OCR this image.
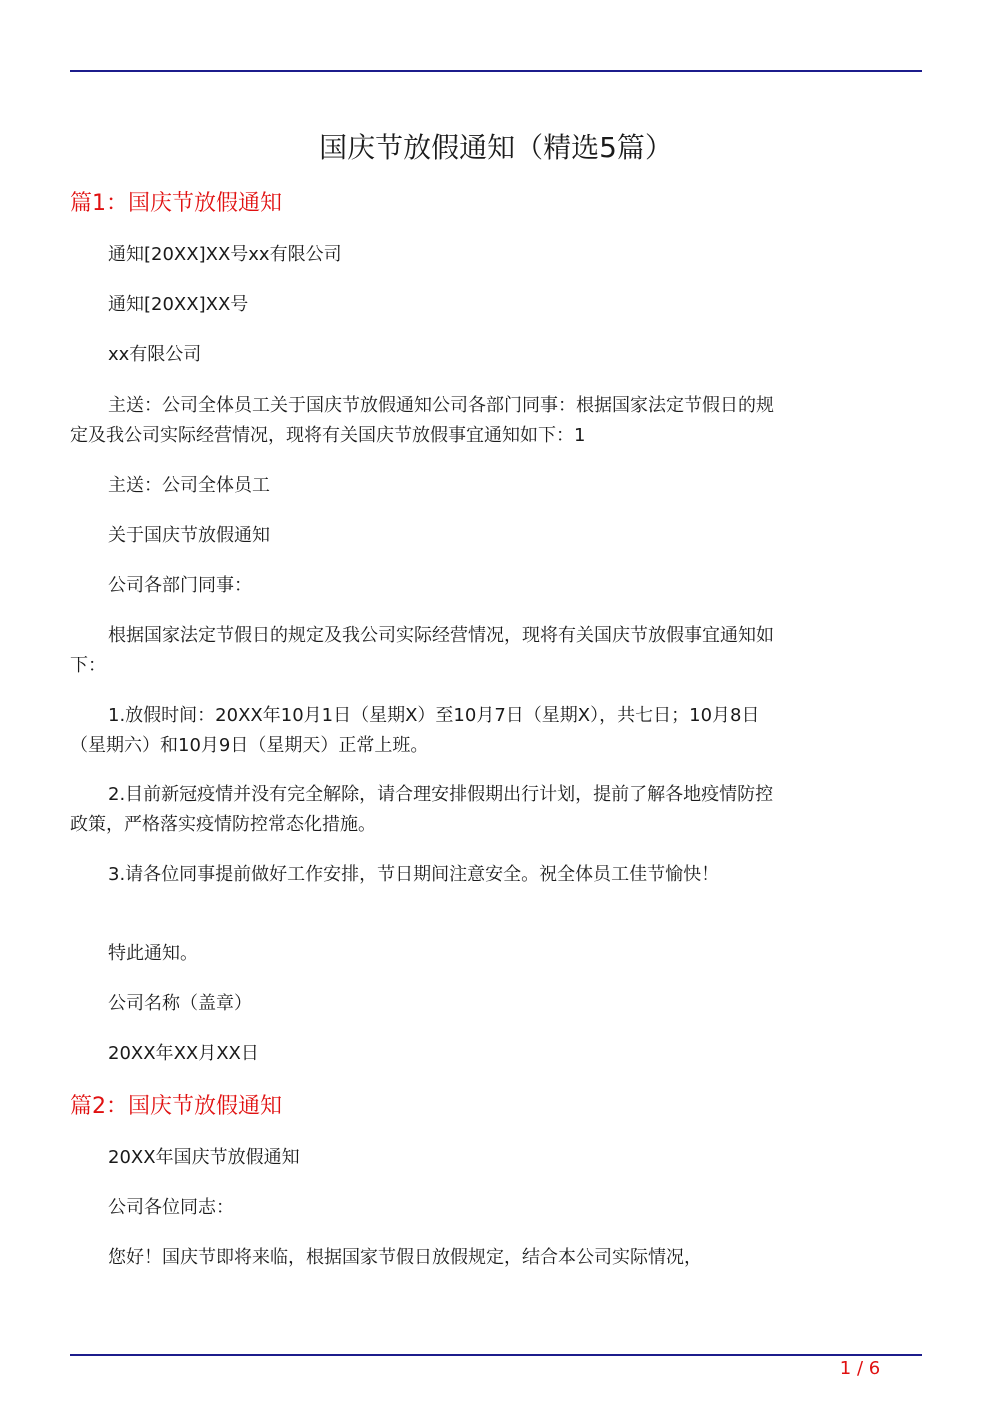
国庆节放假通知（精选5篇）
篇1：国庆节放假通知

通知[20XX]XX号xx有限公司

通知[20XX]XX号

xx有限公司

主送：公司全体员工关于国庆节放假通知公司各部门同事：根据国家法定节假日的规定及我公司实际经营情况，现将有关国庆节放假事宜通知如下：1

主送：公司全体员工

关于国庆节放假通知

公司各部门同事：

根据国家法定节假日的规定及我公司实际经营情况，现将有关国庆节放假事宜通知如下：

1.放假时间：20XX年10月1日（星期X）至10月7日（星期X），共七日；10月8日（星期六）和10月9日（星期天）正常上班。

2.目前新冠疫情并没有完全解除，请合理安排假期出行计划，提前了解各地疫情防控政策，严格落实疫情防控常态化措施。

3.请各位同事提前做好工作安排，节日期间注意安全。祝全体员工佳节愉快！

特此通知。

公司名称（盖章）

20XX年XX月XX日

篇2：国庆节放假通知

20XX年国庆节放假通知

公司各位同志：

您好！国庆节即将来临，根据国家节假日放假规定，结合本公司实际情况，

1 / 6
